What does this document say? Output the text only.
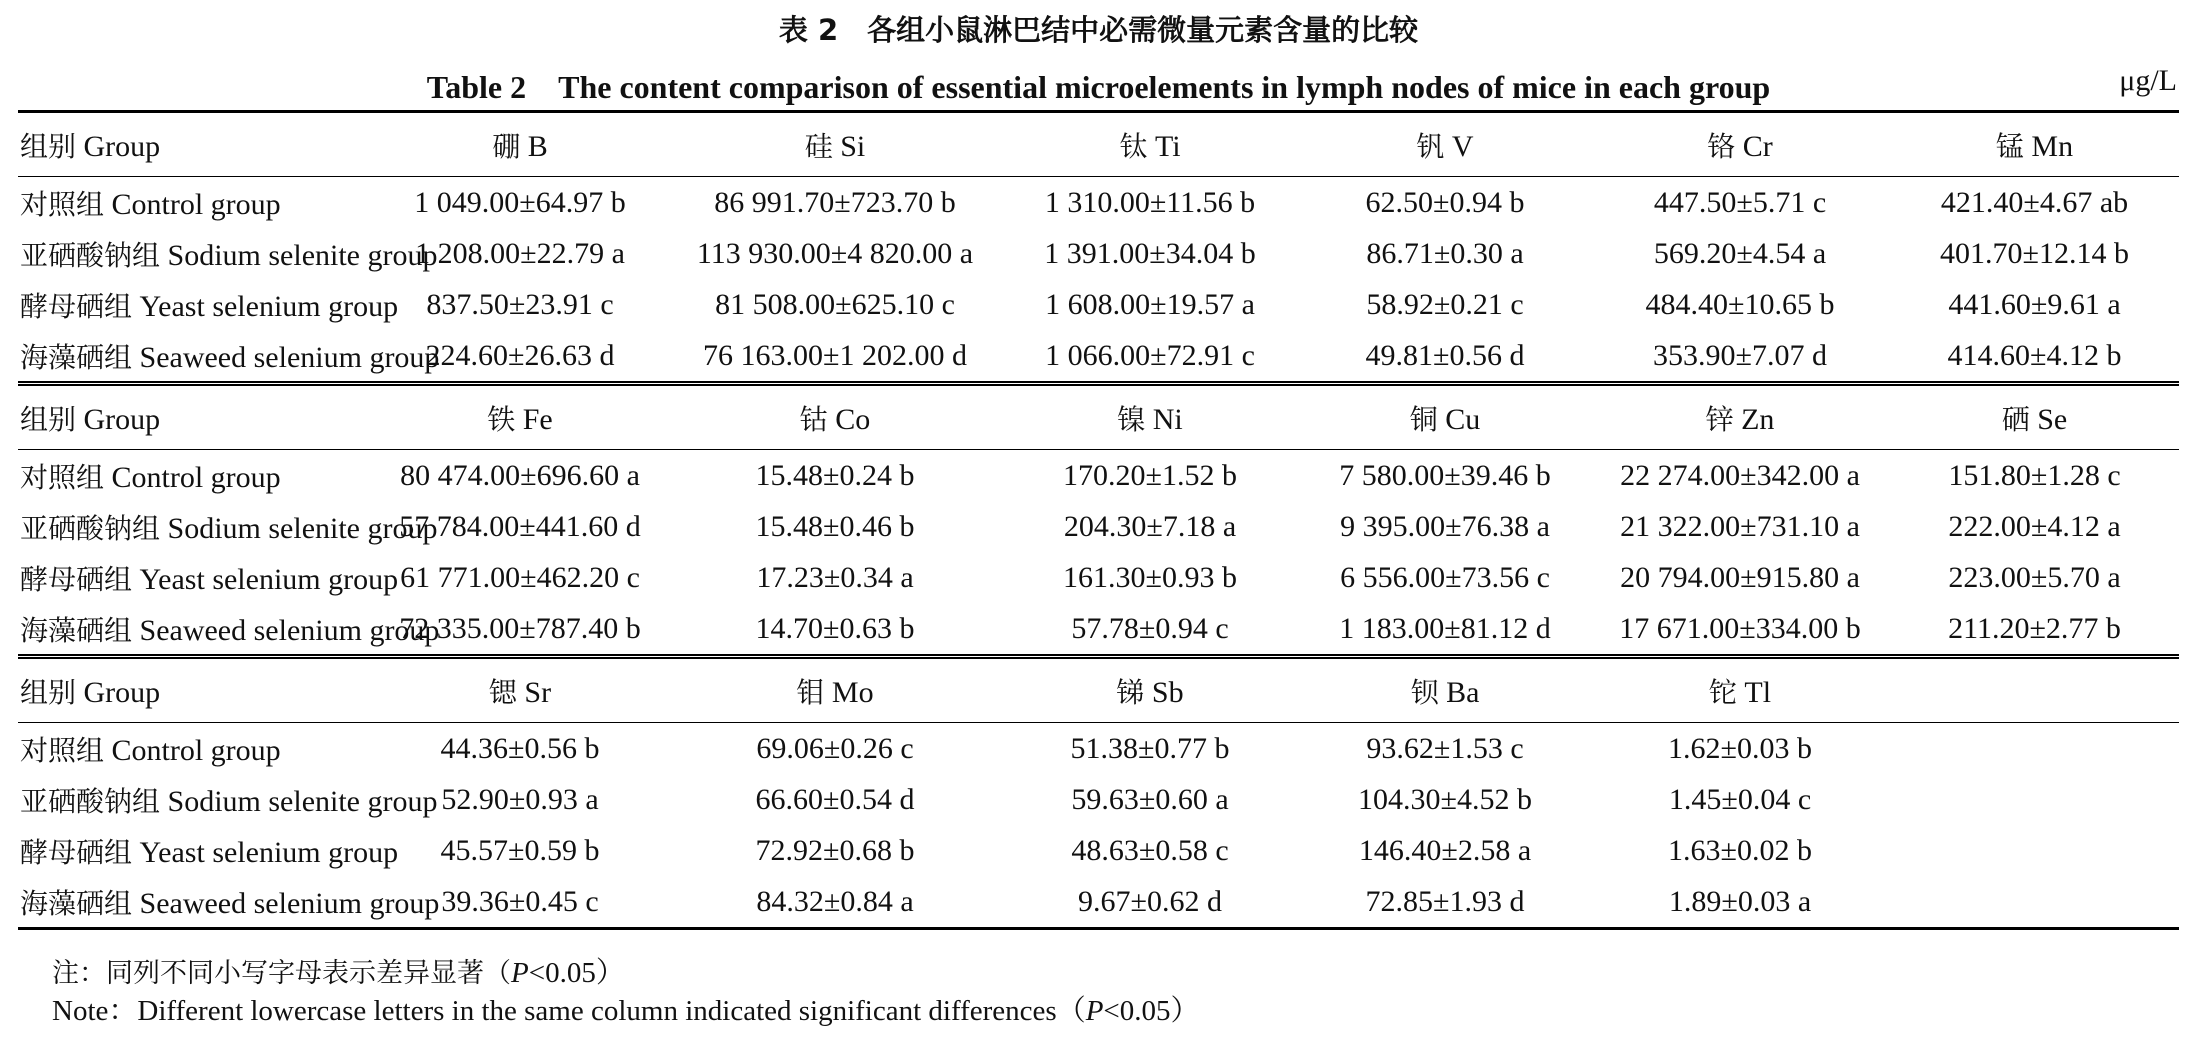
表 2　各组小鼠淋巴结中必需微量元素含量的比较
Table 2　The content comparison of essential microelements in lymph nodes of mice in each group	μg/L
组别 Group	硼 B	硅 Si	钛 Ti	钒 V	铬 Cr	锰 Mn
对照组 Control group	1 049.00±64.97 b	86 991.70±723.70 b	1 310.00±11.56 b	62.50±0.94 b	447.50±5.71 c	421.40±4.67 ab
亚硒酸钠组 Sodium selenite group	1 208.00±22.79 a	113 930.00±4 820.00 a	1 391.00±34.04 b	86.71±0.30 a	569.20±4.54 a	401.70±12.14 b
酵母硒组 Yeast selenium group	837.50±23.91 c	81 508.00±625.10 c	1 608.00±19.57 a	58.92±0.21 c	484.40±10.65 b	441.60±9.61 a
海藻硒组 Seaweed selenium group	224.60±26.63 d	76 163.00±1 202.00 d	1 066.00±72.91 c	49.81±0.56 d	353.90±7.07 d	414.60±4.12 b
组别 Group	铁 Fe	钴 Co	镍 Ni	铜 Cu	锌 Zn	硒 Se
对照组 Control group	80 474.00±696.60 a	15.48±0.24 b	170.20±1.52 b	7 580.00±39.46 b	22 274.00±342.00 a	151.80±1.28 c
亚硒酸钠组 Sodium selenite group	57 784.00±441.60 d	15.48±0.46 b	204.30±7.18 a	9 395.00±76.38 a	21 322.00±731.10 a	222.00±4.12 a
酵母硒组 Yeast selenium group	61 771.00±462.20 c	17.23±0.34 a	161.30±0.93 b	6 556.00±73.56 c	20 794.00±915.80 a	223.00±5.70 a
海藻硒组 Seaweed selenium group	72 335.00±787.40 b	14.70±0.63 b	57.78±0.94 c	1 183.00±81.12 d	17 671.00±334.00 b	211.20±2.77 b
组别 Group	锶 Sr	钼 Mo	锑 Sb	钡 Ba	铊 Tl	
对照组 Control group	44.36±0.56 b	69.06±0.26 c	51.38±0.77 b	93.62±1.53 c	1.62±0.03 b	
亚硒酸钠组 Sodium selenite group	52.90±0.93 a	66.60±0.54 d	59.63±0.60 a	104.30±4.52 b	1.45±0.04 c	
酵母硒组 Yeast selenium group	45.57±0.59 b	72.92±0.68 b	48.63±0.58 c	146.40±2.58 a	1.63±0.02 b	
海藻硒组 Seaweed selenium group	39.36±0.45 c	84.32±0.84 a	9.67±0.62 d	72.85±1.93 d	1.89±0.03 a	
注：同列不同小写字母表示差异显著（P<0.05）
Note：Different lowercase letters in the same column indicated significant differences（P<0.05）
